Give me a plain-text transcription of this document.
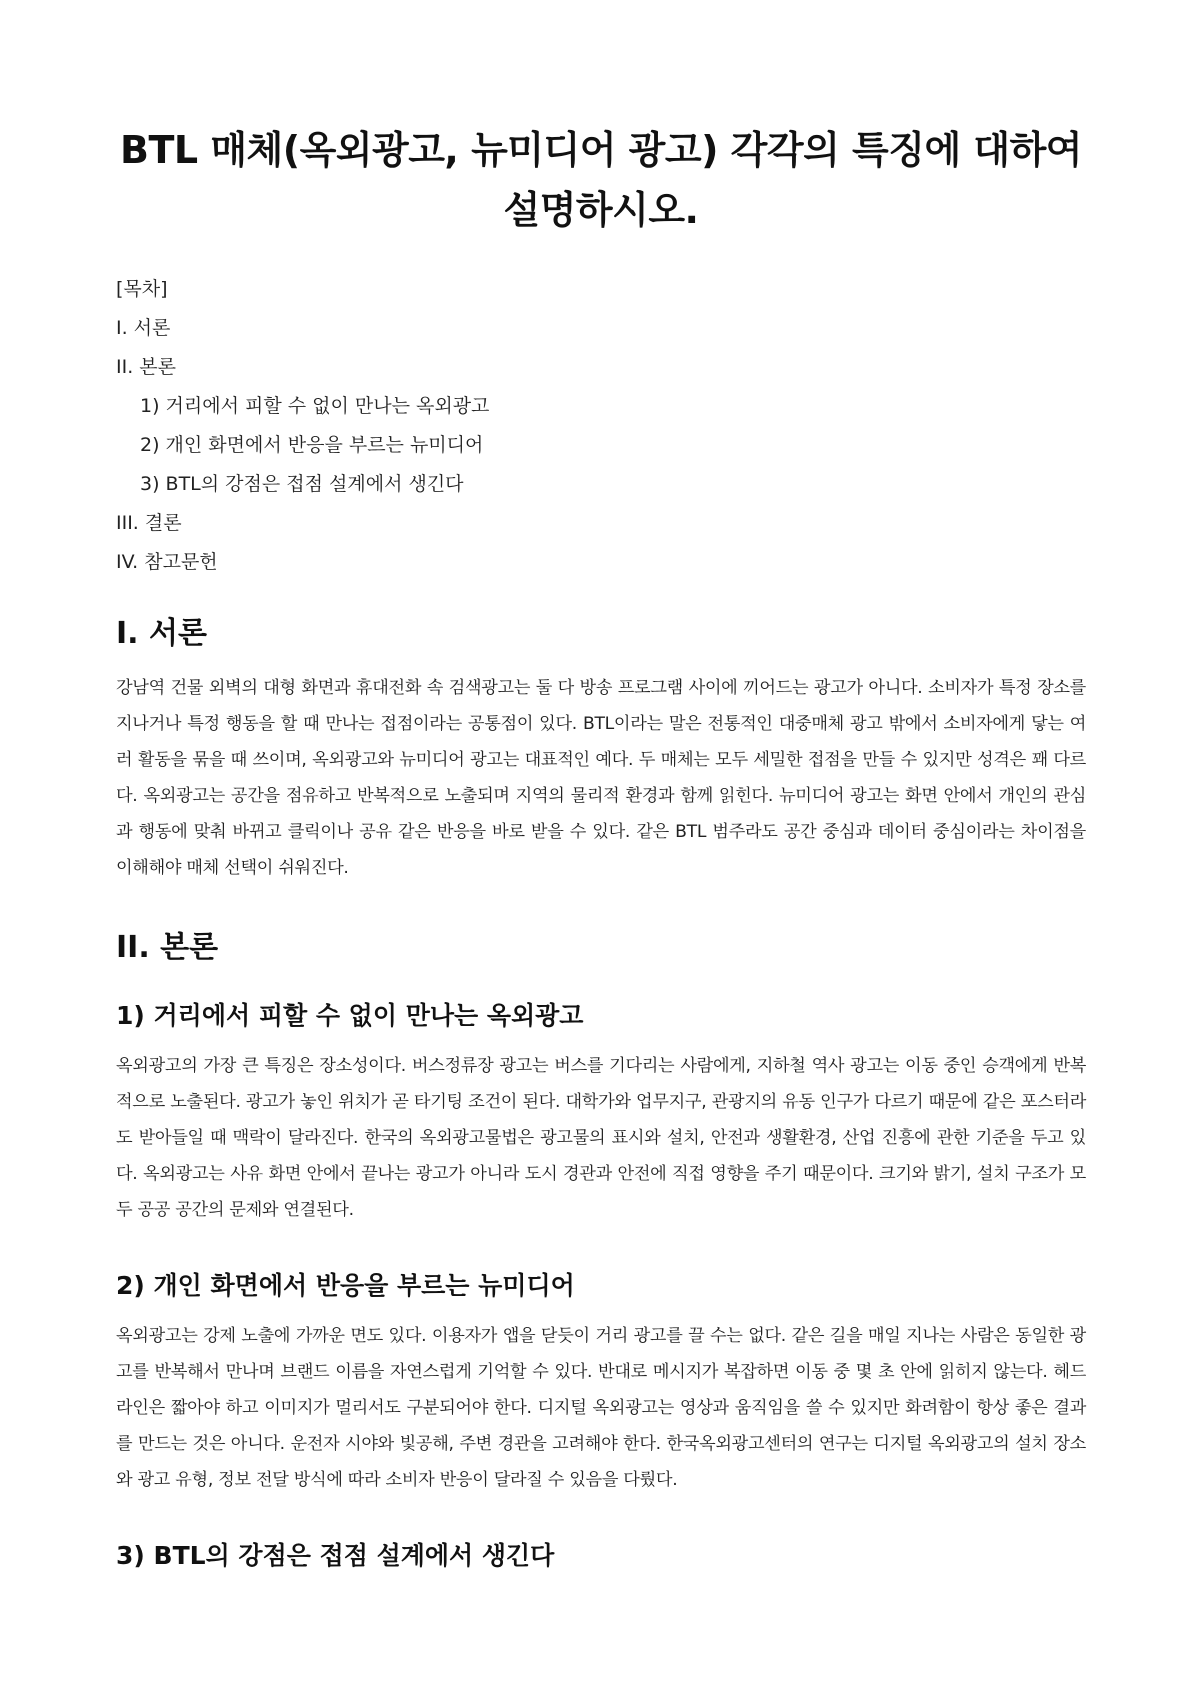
BTL 매체(옥외광고, 뉴미디어 광고) 각각의 특징에 대하여 설명하시오.
[목차]
I. 서론
II. 본론
1) 거리에서 피할 수 없이 만나는 옥외광고
2) 개인 화면에서 반응을 부르는 뉴미디어
3) BTL의 강점은 접점 설계에서 생긴다
III. 결론
IV. 참고문헌
I. 서론

강남역 건물 외벽의 대형 화면과 휴대전화 속 검색광고는 둘 다 방송 프로그램 사이에 끼어드는 광고가 아니다. 소비자가 특정 장소를 지나거나 특정 행동을 할 때 만나는 접점이라는 공통점이 있다. BTL이라는 말은 전통적인 대중매체 광고 밖에서 소비자에게 닿는 여러 활동을 묶을 때 쓰이며, 옥외광고와 뉴미디어 광고는 대표적인 예다. 두 매체는 모두 세밀한 접점을 만들 수 있지만 성격은 꽤 다르다. 옥외광고는 공간을 점유하고 반복적으로 노출되며 지역의 물리적 환경과 함께 읽힌다. 뉴미디어 광고는 화면 안에서 개인의 관심과 행동에 맞춰 바뀌고 클릭이나 공유 같은 반응을 바로 받을 수 있다. 같은 BTL 범주라도 공간 중심과 데이터 중심이라는 차이점을 이해해야 매체 선택이 쉬워진다.

II. 본론
1) 거리에서 피할 수 없이 만나는 옥외광고

옥외광고의 가장 큰 특징은 장소성이다. 버스정류장 광고는 버스를 기다리는 사람에게, 지하철 역사 광고는 이동 중인 승객에게 반복적으로 노출된다. 광고가 놓인 위치가 곧 타기팅 조건이 된다. 대학가와 업무지구, 관광지의 유동 인구가 다르기 때문에 같은 포스터라도 받아들일 때 맥락이 달라진다. 한국의 옥외광고물법은 광고물의 표시와 설치, 안전과 생활환경, 산업 진흥에 관한 기준을 두고 있다. 옥외광고는 사유 화면 안에서 끝나는 광고가 아니라 도시 경관과 안전에 직접 영향을 주기 때문이다. 크기와 밝기, 설치 구조가 모두 공공 공간의 문제와 연결된다.

2) 개인 화면에서 반응을 부르는 뉴미디어

옥외광고는 강제 노출에 가까운 면도 있다. 이용자가 앱을 닫듯이 거리 광고를 끌 수는 없다. 같은 길을 매일 지나는 사람은 동일한 광고를 반복해서 만나며 브랜드 이름을 자연스럽게 기억할 수 있다. 반대로 메시지가 복잡하면 이동 중 몇 초 안에 읽히지 않는다. 헤드라인은 짧아야 하고 이미지가 멀리서도 구분되어야 한다. 디지털 옥외광고는 영상과 움직임을 쓸 수 있지만 화려함이 항상 좋은 결과를 만드는 것은 아니다. 운전자 시야와 빛공해, 주변 경관을 고려해야 한다. 한국옥외광고센터의 연구는 디지털 옥외광고의 설치 장소와 광고 유형, 정보 전달 방식에 따라 소비자 반응이 달라질 수 있음을 다뤘다.

3) BTL의 강점은 접점 설계에서 생긴다
